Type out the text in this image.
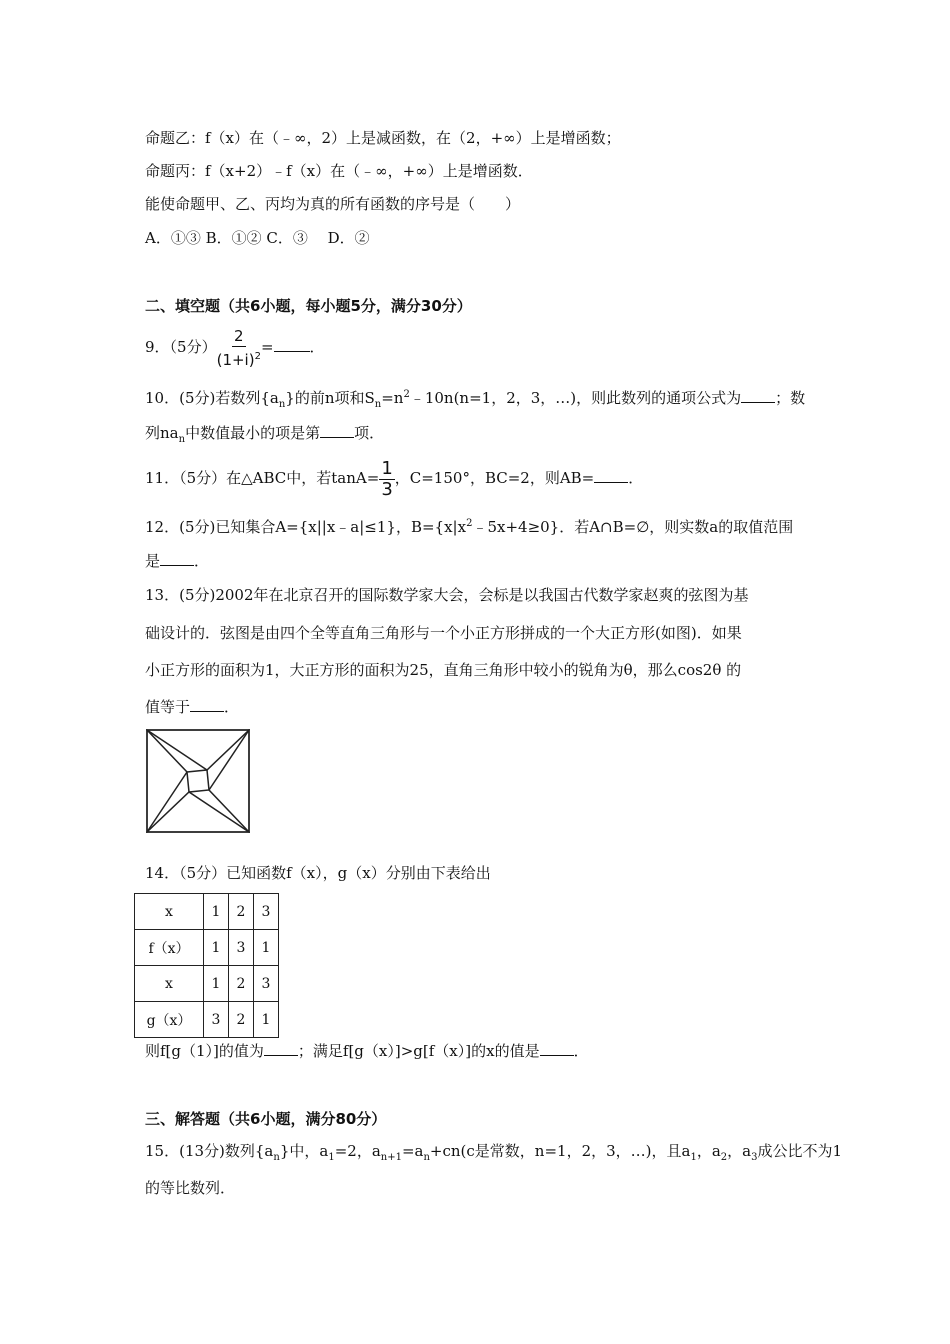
命题乙：f（x）在（﹣∞，2）上是减函数，在（2，+∞）上是增函数；
命题丙：f（x+2）﹣f（x）在（﹣∞，+∞）上是增函数．
能使命题甲、乙、丙均为真的所有函数的序号是（　　）
A．①③ B．①② C．③ 　D．②
二、填空题（共6小题，每小题5分，满分30分）
9．（5分） $\frac{2}{(1+i)^2}$ = ．
10．(5分)若数列$\{a_n\}$的前n项和$S_n=n^2﹣10n(n=1$，2，3，…)，则此数列的通项公式为 ；数
列$na_n$中数值最小的项是第 项．
11．（5分）在△ABC中，若$\tan A= \frac{1}{3}$ ，C=150°，BC=2，则AB= ．
12．(5分)已知集合A={x||x﹣a|≤1}，$B=\{x|x^2﹣5x+4\ge 0\}$．若A∩B=∅，则实数a的取值范围
是 ．
13．(5分)2002年在北京召开的国际数学家大会，会标是以我国古代数学家赵爽的弦图为基
础设计的．弦图是由四个全等直角三角形与一个小正方形拼成的一个大正方形(如图)．如果
小正方形的面积为1，大正方形的面积为25，直角三角形中较小的锐角为θ，那么cos2θ 的
值等于 ．
14．（5分）已知函数f（x），g（x）分别由下表给出
x	1	2	3
f（x）	1	3	1
x	1	2	3
g（x）	3	2	1
则f[g（1）]的值为 ；满足f[g（x）]>g[f（x）]的x的值是 ．
三、解答题（共6小题，满分80分）
15．(13分)数列$\{a_n\}$中，$a_1=2$，$a_{n+1}=a_n+cn(c$是常数，n=1，2，3，…)，且$a_1$，$a_2$，$a_3$成公比不为1
的等比数列．
